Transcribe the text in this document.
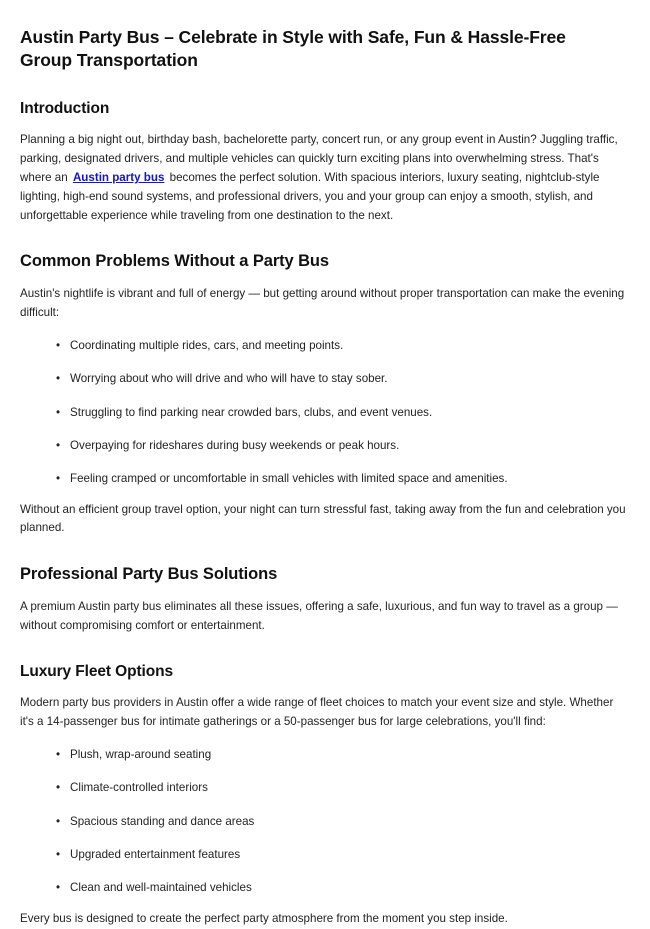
Austin Party Bus – Celebrate in Style with Safe, Fun & Hassle-Free Group Transportation
Introduction

Planning a big night out, birthday bash, bachelorette party, concert run, or any group event in Austin? Juggling traffic, parking, designated drivers, and multiple vehicles can quickly turn exciting plans into overwhelming stress. That's where an Austin party bus becomes the perfect solution. With spacious interiors, luxury seating, nightclub-style lighting, high-end sound systems, and professional drivers, you and your group can enjoy a smooth, stylish, and unforgettable experience while traveling from one destination to the next.

Common Problems Without a Party Bus

Austin's nightlife is vibrant and full of energy — but getting around without proper transportation can make the evening difficult:

• Coordinating multiple rides, cars, and meeting points.
• Worrying about who will drive and who will have to stay sober.
• Struggling to find parking near crowded bars, clubs, and event venues.
• Overpaying for rideshares during busy weekends or peak hours.
• Feeling cramped or uncomfortable in small vehicles with limited space and amenities.

Without an efficient group travel option, your night can turn stressful fast, taking away from the fun and celebration you planned.

Professional Party Bus Solutions

A premium Austin party bus eliminates all these issues, offering a safe, luxurious, and fun way to travel as a group — without compromising comfort or entertainment.

Luxury Fleet Options

Modern party bus providers in Austin offer a wide range of fleet choices to match your event size and style. Whether it's a 14-passenger bus for intimate gatherings or a 50-passenger bus for large celebrations, you'll find:

• Plush, wrap-around seating
• Climate-controlled interiors
• Spacious standing and dance areas
• Upgraded entertainment features
• Clean and well-maintained vehicles

Every bus is designed to create the perfect party atmosphere from the moment you step inside.
